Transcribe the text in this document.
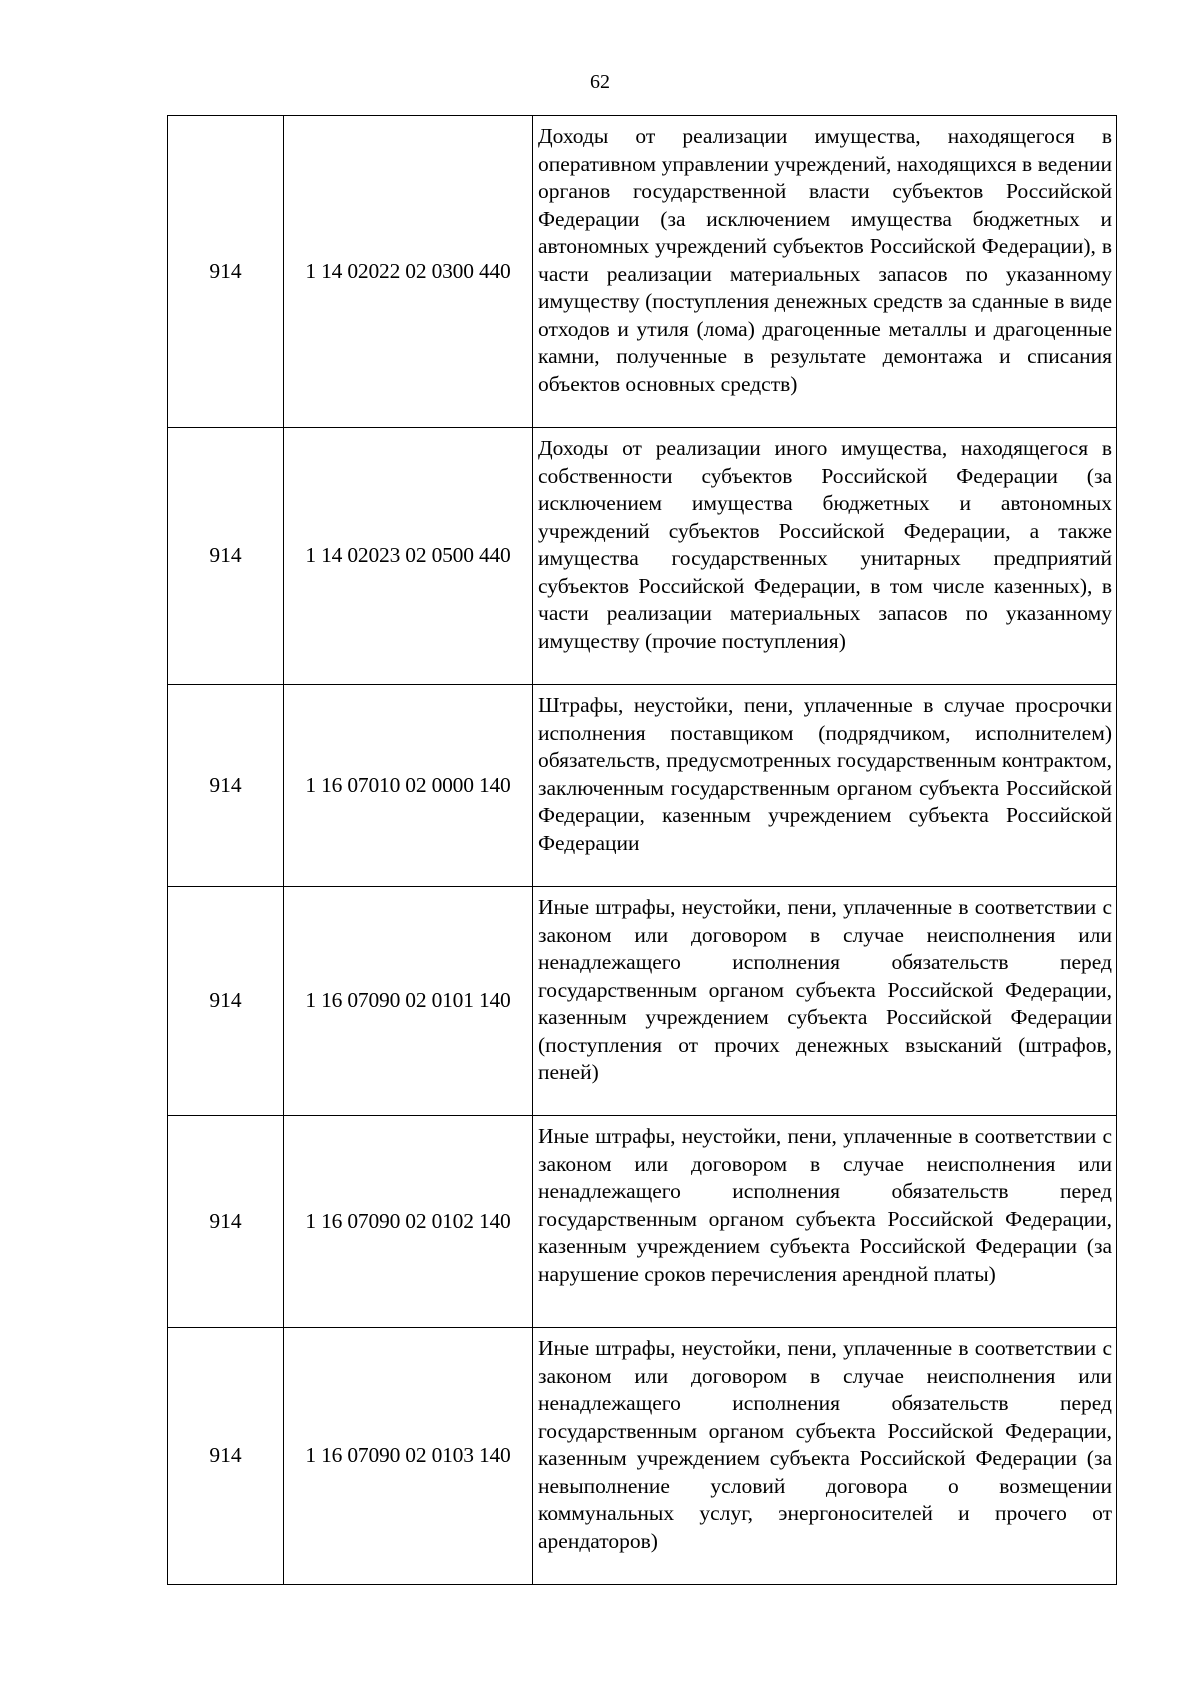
62
914	1 14 02022 02 0300 440	Доходы от реализации имущества, находящегося в оперативном управлении учреждений, находящихся в ведении органов государственной власти субъектов Российской Федерации (за исключением имущества бюджетных и автономных учреждений субъектов Российской Федерации), в части реализации материальных запасов по указанному имуществу (поступления денежных средств за сданные в виде отходов и утиля (лома) драгоценные металлы и драгоценные камни, полученные в результате демонтажа и списания объектов основных средств)
914	1 14 02023 02 0500 440	Доходы от реализации иного имущества, находящегося в собственности субъектов Российской Федерации (за исключением имущества бюджетных и автономных учреждений субъектов Российской Федерации, а также имущества государственных унитарных предприятий субъектов Российской Федерации, в том числе казенных), в части реализации материальных запасов по указанному имуществу (прочие поступления)
914	1 16 07010 02 0000 140	Штрафы, неустойки, пени, уплаченные в случае просрочки исполнения поставщиком (подрядчиком, исполнителем) обязательств, предусмотренных государственным контрактом, заключенным государственным органом субъекта Российской Федерации, казенным учреждением субъекта Российской Федерации
914	1 16 07090 02 0101 140	Иные штрафы, неустойки, пени, уплаченные в соответствии с законом или договором в случае неисполнения или ненадлежащего исполнения обязательств перед государственным органом субъекта Российской Федерации, казенным учреждением субъекта Российской Федерации (поступления от прочих денежных взысканий (штрафов, пеней)
914	1 16 07090 02 0102 140	Иные штрафы, неустойки, пени, уплаченные в соответствии с законом или договором в случае неисполнения или ненадлежащего исполнения обязательств перед государственным органом субъекта Российской Федерации, казенным учреждением субъекта Российской Федерации (за нарушение сроков перечисления арендной платы)
914	1 16 07090 02 0103 140	Иные штрафы, неустойки, пени, уплаченные в соответствии с законом или договором в случае неисполнения или ненадлежащего исполнения обязательств перед государственным органом субъекта Российской Федерации, казенным учреждением субъекта Российской Федерации (за невыполнение условий договора о возмещении коммунальных услуг, энергоносителей и прочего от арендаторов)
